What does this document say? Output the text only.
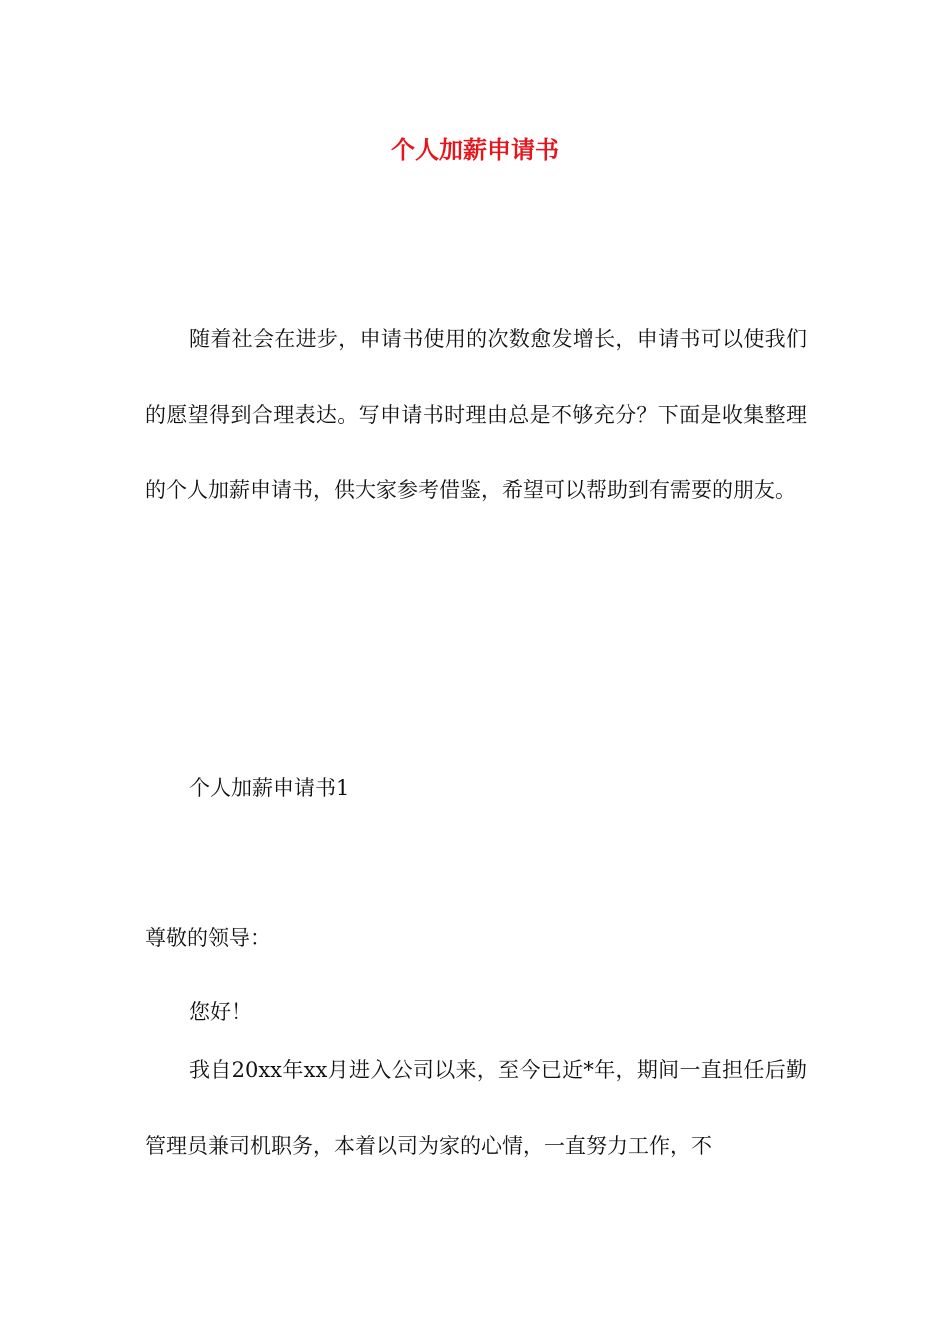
个人加薪申请书

随着社会在进步，申请书使用的次数愈发增长，申请书可以使我们的愿望得到合理表达。写申请书时理由总是不够充分？下面是收集整理的个人加薪申请书，供大家参考借鉴，希望可以帮助到有需要的朋友。

个人加薪申请书1

尊敬的领导：

您好！

我自20xx年xx月进入公司以来，至今已近*年，期间一直担任后勤管理员兼司机职务，本着以司为家的心情，一直努力工作，不
